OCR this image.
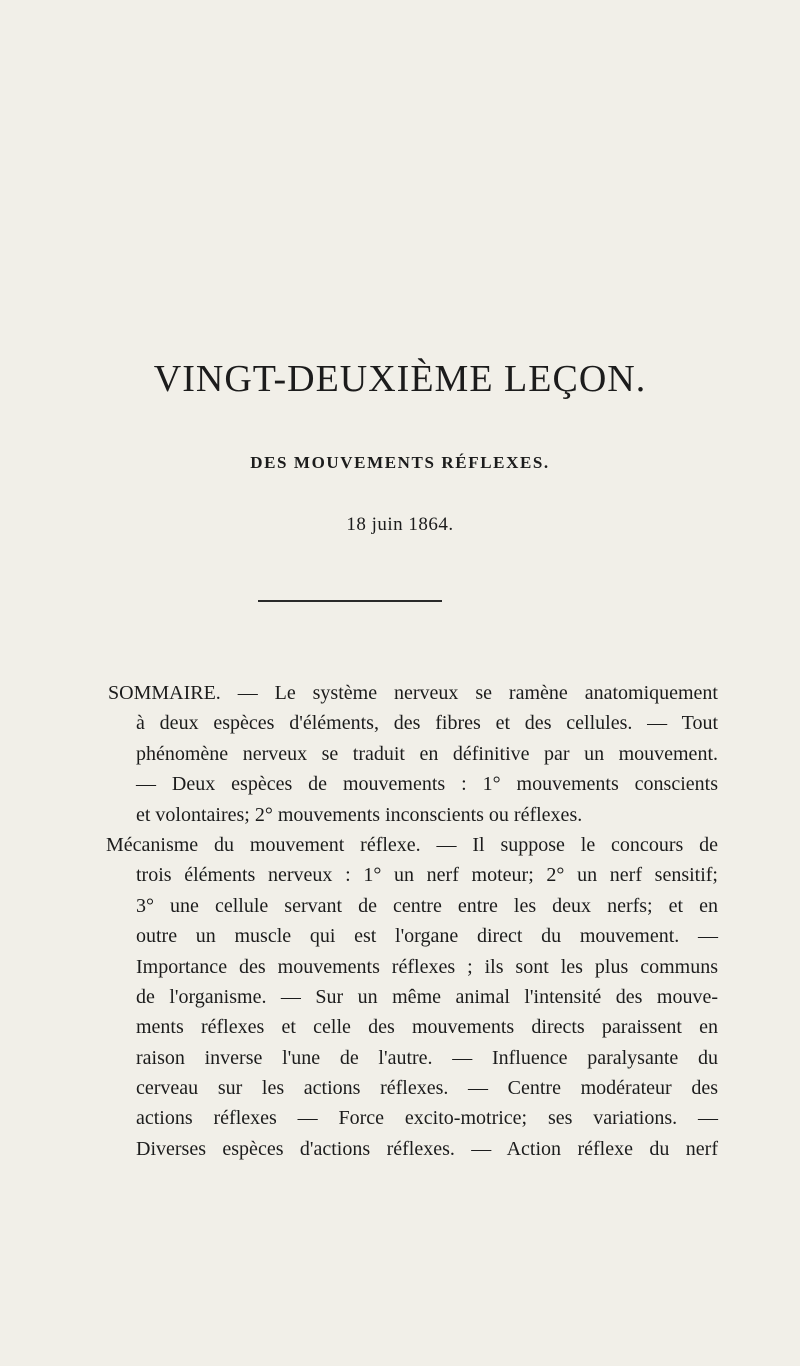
VINGT-DEUXIÈME LEÇON.
DES MOUVEMENTS RÉFLEXES.
18 juin 1864.
SOMMAIRE. — Le système nerveux se ramène anatomiquement
à deux espèces d'éléments, des fibres et des cellules. — Tout
phénomène nerveux se traduit en définitive par un mouvement.
— Deux espèces de mouvements : 1° mouvements conscients
et volontaires; 2° mouvements inconscients ou réflexes.
Mécanisme du mouvement réflexe. — Il suppose le concours de
trois éléments nerveux : 1° un nerf moteur; 2° un nerf sensitif;
3° une cellule servant de centre entre les deux nerfs; et en
outre un muscle qui est l'organe direct du mouvement. —
Importance des mouvements réflexes ; ils sont les plus communs
de l'organisme. — Sur un même animal l'intensité des mouve-
ments réflexes et celle des mouvements directs paraissent en
raison inverse l'une de l'autre. — Influence paralysante du
cerveau sur les actions réflexes. — Centre modérateur des
actions réflexes — Force excito-motrice; ses variations. —
Diverses espèces d'actions réflexes. — Action réflexe du nerf
